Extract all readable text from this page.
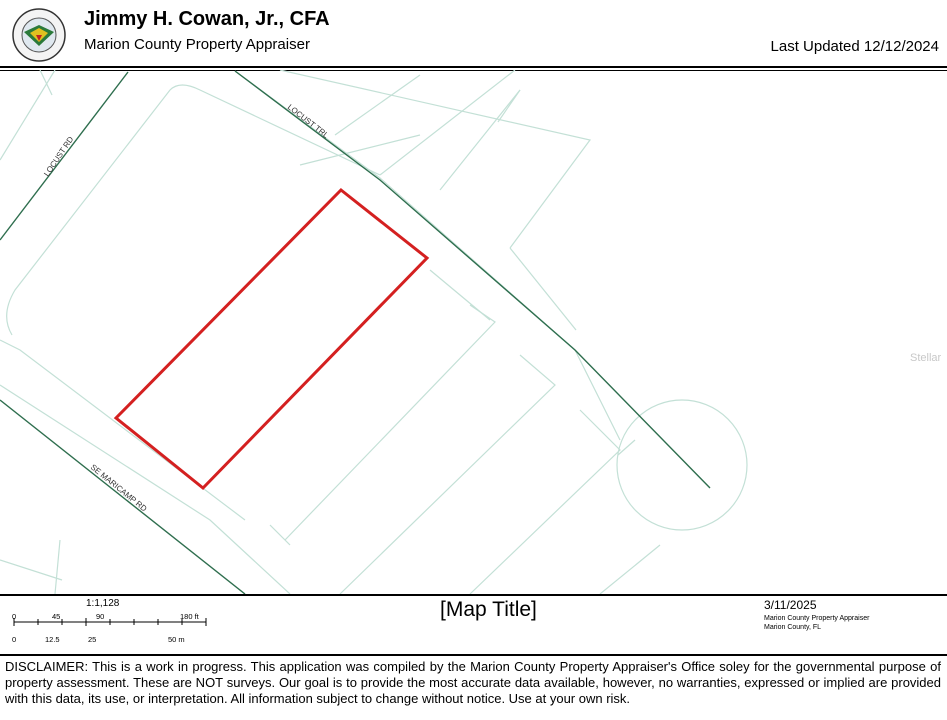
Jimmy H. Cowan, Jr., CFA
Marion County Property Appraiser	Last Updated 12/12/2024
LOCUST RD
LOCUST TRL
SE MARICAMP RD
Stellar
1:1,128
0	45	90	180 ft
0	12.5	25	50 m
[Map Title]	3/11/2025
Marion County Property Appraiser
Marion County, FL
DISCLAIMER: This is a work in progress. This application was compiled by the Marion County Property Appraiser's Office soley for the governmental purpose of property assessment. These are NOT surveys. Our goal is to provide the most accurate data available, however, no warranties, expressed or implied are provided with this data, its use, or interpretation. All information subject to change without notice. Use at your own risk.
